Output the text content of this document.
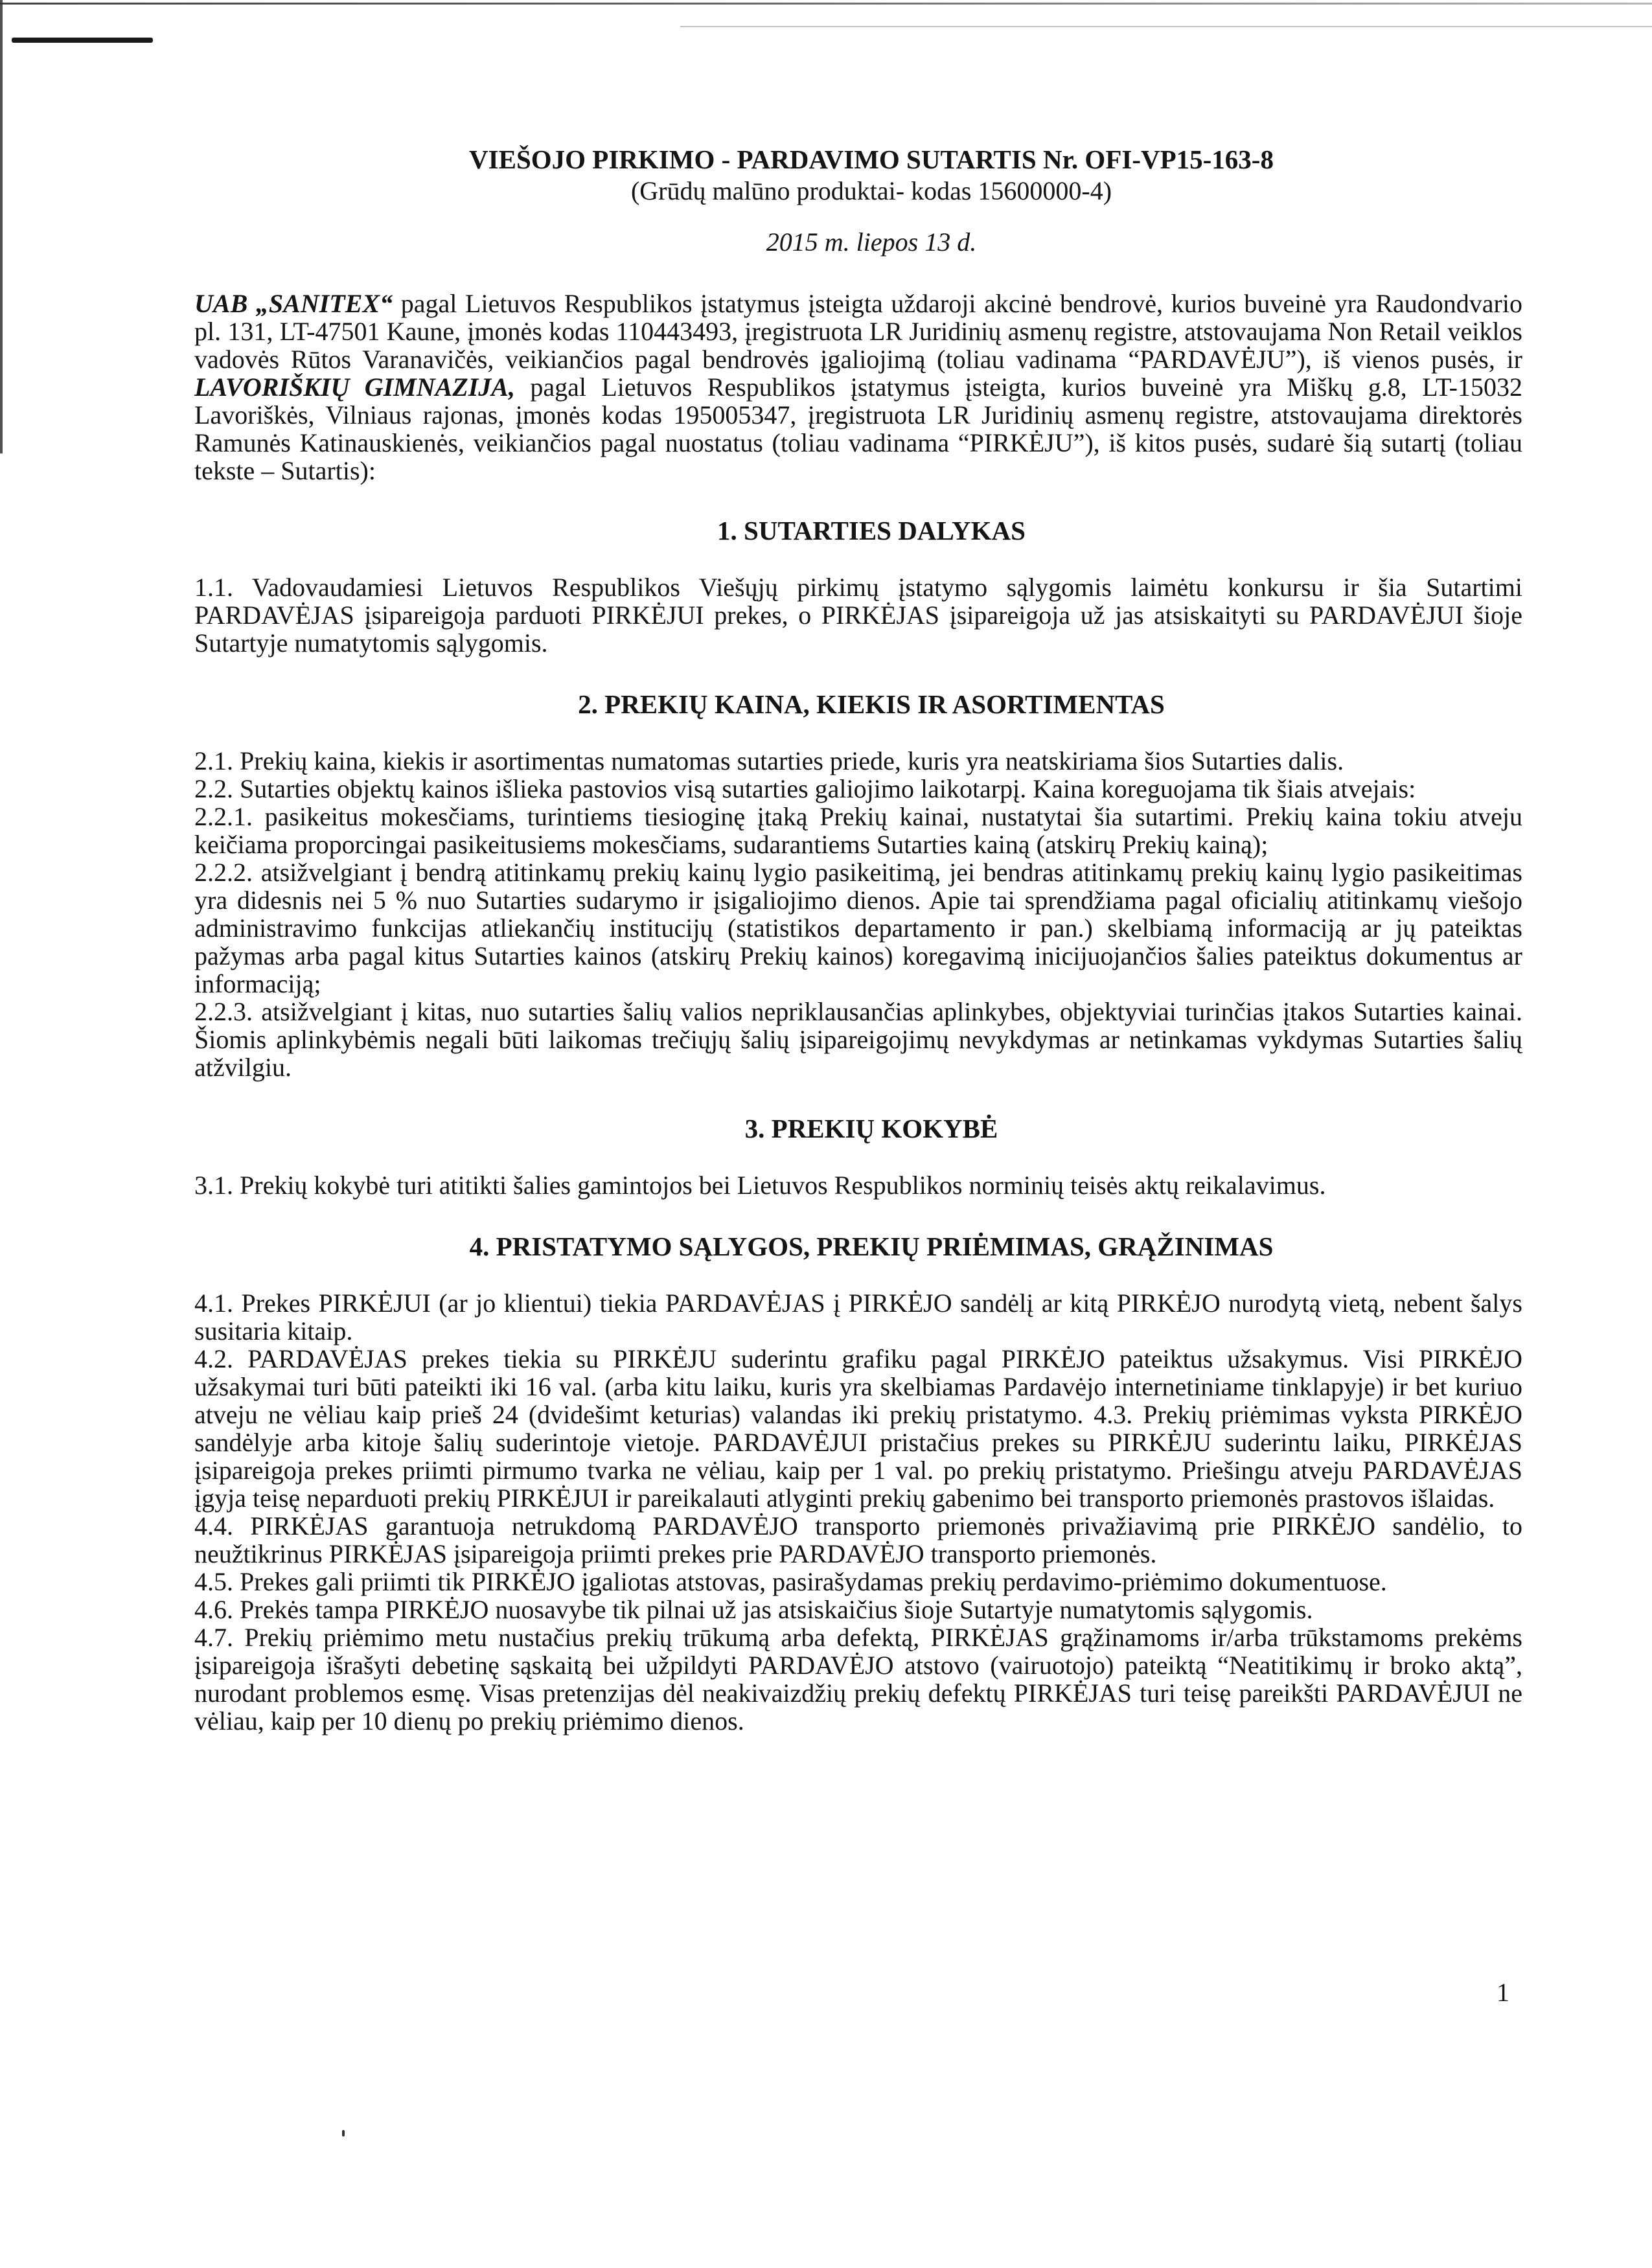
VIEŠOJO PIRKIMO - PARDAVIMO SUTARTIS Nr. OFI-VP15-163-8
(Grūdų malūno produktai- kodas 15600000-4)
2015 m. liepos 13 d.

UAB „SANITEX“ pagal Lietuvos Respublikos įstatymus įsteigta uždaroji akcinė bendrovė, kurios buveinė yra Raudondvario pl. 131, LT-47501 Kaune, įmonės kodas 110443493, įregistruota LR Juridinių asmenų registre, atstovaujama Non Retail veiklos vadovės Rūtos Varanavičės, veikiančios pagal bendrovės įgaliojimą (toliau vadinama “PARDAVĖJU”), iš vienos pusės, ir LAVORIŠKIŲ GIMNAZIJA, pagal Lietuvos Respublikos įstatymus įsteigta, kurios buveinė yra Miškų g.8, LT-15032 Lavoriškės, Vilniaus rajonas, įmonės kodas 195005347, įregistruota LR Juridinių asmenų registre, atstovaujama direktorės Ramunės Katinauskienės, veikiančios pagal nuostatus (toliau vadinama “PIRKĖJU”), iš kitos pusės, sudarė šią sutartį (toliau tekste – Sutartis):

1. SUTARTIES DALYKAS

1.1. Vadovaudamiesi Lietuvos Respublikos Viešųjų pirkimų įstatymo sąlygomis laimėtu konkursu ir šia Sutartimi PARDAVĖJAS įsipareigoja parduoti PIRKĖJUI prekes, o PIRKĖJAS įsipareigoja už jas atsiskaityti su PARDAVĖJUI šioje Sutartyje numatytomis sąlygomis.

2. PREKIŲ KAINA, KIEKIS IR ASORTIMENTAS

2.1. Prekių kaina, kiekis ir asortimentas numatomas sutarties priede, kuris yra neatskiriama šios Sutarties dalis.

2.2. Sutarties objektų kainos išlieka pastovios visą sutarties galiojimo laikotarpį. Kaina koreguojama tik šiais atvejais:

2.2.1. pasikeitus mokesčiams, turintiems tiesioginę įtaką Prekių kainai, nustatytai šia sutartimi. Prekių kaina tokiu atveju keičiama proporcingai pasikeitusiems mokesčiams, sudarantiems Sutarties kainą (atskirų Prekių kainą);

2.2.2. atsižvelgiant į bendrą atitinkamų prekių kainų lygio pasikeitimą, jei bendras atitinkamų prekių kainų lygio pasikeitimas yra didesnis nei 5 % nuo Sutarties sudarymo ir įsigaliojimo dienos. Apie tai sprendžiama pagal oficialių atitinkamų viešojo administravimo funkcijas atliekančių institucijų (statistikos departamento ir pan.) skelbiamą informaciją ar jų pateiktas pažymas arba pagal kitus Sutarties kainos (atskirų Prekių kainos) koregavimą inicijuojančios šalies pateiktus dokumentus ar informaciją;

2.2.3. atsižvelgiant į kitas, nuo sutarties šalių valios nepriklausančias aplinkybes, objektyviai turinčias įtakos Sutarties kainai. Šiomis aplinkybėmis negali būti laikomas trečiųjų šalių įsipareigojimų nevykdymas ar netinkamas vykdymas Sutarties šalių atžvilgiu.

3. PREKIŲ KOKYBĖ

3.1. Prekių kokybė turi atitikti šalies gamintojos bei Lietuvos Respublikos norminių teisės aktų reikalavimus.

4. PRISTATYMO SĄLYGOS, PREKIŲ PRIĖMIMAS, GRĄŽINIMAS

4.1. Prekes PIRKĖJUI (ar jo klientui) tiekia PARDAVĖJAS į PIRKĖJO sandėlį ar kitą PIRKĖJO nurodytą vietą, nebent šalys susitaria kitaip.

4.2. PARDAVĖJAS prekes tiekia su PIRKĖJU suderintu grafiku pagal PIRKĖJO pateiktus užsakymus. Visi PIRKĖJO užsakymai turi būti pateikti iki 16 val. (arba kitu laiku, kuris yra skelbiamas Pardavėjo internetiniame tinklapyje) ir bet kuriuo atveju ne vėliau kaip prieš 24 (dvidešimt keturias) valandas iki prekių pristatymo. 4.3. Prekių priėmimas vyksta PIRKĖJO sandėlyje arba kitoje šalių suderintoje vietoje. PARDAVĖJUI pristačius prekes su PIRKĖJU suderintu laiku, PIRKĖJAS įsipareigoja prekes priimti pirmumo tvarka ne vėliau, kaip per 1 val. po prekių pristatymo. Priešingu atveju PARDAVĖJAS įgyja teisę neparduoti prekių PIRKĖJUI ir pareikalauti atlyginti prekių gabenimo bei transporto priemonės prastovos išlaidas.

4.4. PIRKĖJAS garantuoja netrukdomą PARDAVĖJO transporto priemonės privažiavimą prie PIRKĖJO sandėlio, to neužtikrinus PIRKĖJAS įsipareigoja priimti prekes prie PARDAVĖJO transporto priemonės.

4.5. Prekes gali priimti tik PIRKĖJO įgaliotas atstovas, pasirašydamas prekių perdavimo-priėmimo dokumentuose.

4.6. Prekės tampa PIRKĖJO nuosavybe tik pilnai už jas atsiskaičius šioje Sutartyje numatytomis sąlygomis.

4.7. Prekių priėmimo metu nustačius prekių trūkumą arba defektą, PIRKĖJAS grąžinamoms ir/arba trūkstamoms prekėms įsipareigoja išrašyti debetinę sąskaitą bei užpildyti PARDAVĖJO atstovo (vairuotojo) pateiktą “Neatitikimų ir broko aktą”, nurodant problemos esmę. Visas pretenzijas dėl neakivaizdžių prekių defektų PIRKĖJAS turi teisę pareikšti PARDAVĖJUI ne vėliau, kaip per 10 dienų po prekių priėmimo dienos.

1
